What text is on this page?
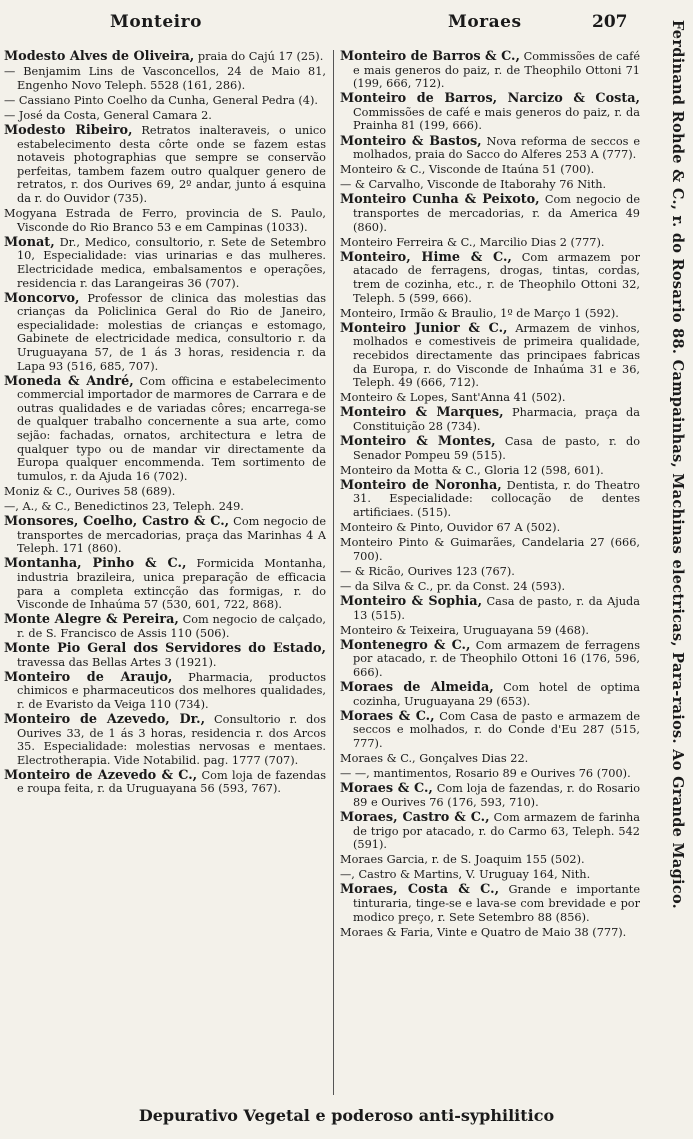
Monteiro	Moraes	207

Modesto Alves de Oliveira, praia do Cajú 17 (25).

— Benjamim Lins de Vasconcellos, 24 de Maio 81, Engenho Novo Teleph. 5528 (161, 286).

— Cassiano Pinto Coelho da Cunha, General Pedra (4).

— José da Costa, General Camara 2.

Modesto Ribeiro, Retratos inalteraveis, o unico estabelecimento desta côrte onde se fazem estas notaveis photographias que sempre se conservão perfeitas, tambem fazem outro qualquer genero de retratos, r. dos Ourives 69, 2º andar, junto á esquina da r. do Ouvidor (735).

Mogyana Estrada de Ferro, provincia de S. Paulo, Visconde do Rio Branco 53 e em Campinas (1033).

Monat, Dr., Medico, consultorio, r. Sete de Setembro 10, Especialidade: vias urinarias e das mulheres. Electricidade medica, embalsamentos e operações, residencia r. das Larangeiras 36 (707).

Moncorvo, Professor de clinica das molestias das crianças da Policlinica Geral do Rio de Janeiro, especialidade: molestias de crianças e estomago, Gabinete de electricidade medica, consultorio r. da Uruguayana 57, de 1 ás 3 horas, residencia r. da Lapa 93 (516, 685, 707).

Moneda & André, Com officina e estabelecimento commercial importador de marmores de Carrara e de outras qualidades e de variadas côres; encarrega-se de qualquer trabalho concernente a sua arte, como sejão: fachadas, ornatos, architectura e letra de qualquer typo ou de mandar vir directamente da Europa qualquer encommenda. Tem sortimento de tumulos, r. da Ajuda 16 (702).

Moniz & C., Ourives 58 (689).

—, A., & C., Benedictinos 23, Teleph. 249.

Monsores, Coelho, Castro & C., Com negocio de transportes de mercadorias, praça das Marinhas 4 A Teleph. 171 (860).

Montanha, Pinho & C., Formicida Montanha, industria brazileira, unica preparação de efficacia para a completa extincção das formigas, r. do Visconde de Inhaúma 57 (530, 601, 722, 868).

Monte Alegre & Pereira, Com negocio de calçado, r. de S. Francisco de Assis 110 (506).

Monte Pio Geral dos Servidores do Estado, travessa das Bellas Artes 3 (1921).

Monteiro de Araujo, Pharmacia, productos chimicos e pharmaceuticos dos melhores qualidades, r. de Evaristo da Veiga 110 (734).

Monteiro de Azevedo, Dr., Consultorio r. dos Ourives 33, de 1 ás 3 horas, residencia r. dos Arcos 35. Especialidade: molestias nervosas e mentaes. Electrotherapia. Vide Notabilid. pag. 1777 (707).

Monteiro de Azevedo & C., Com loja de fazendas e roupa feita, r. da Uruguayana 56 (593, 767).

Monteiro de Barros & C., Commissões de café e mais generos do paiz, r. de Theophilo Ottoni 71 (199, 666, 712).

Monteiro de Barros, Narcizo & Costa, Commissões de café e mais generos do paiz, r. da Prainha 81 (199, 666).

Monteiro & Bastos, Nova reforma de seccos e molhados, praia do Sacco do Alferes 253 A (777).

Monteiro & C., Visconde de Itaúna 51 (700).

— & Carvalho, Visconde de Itaborahy 76 Nith.

Monteiro Cunha & Peixoto, Com negocio de transportes de mercadorias, r. da America 49 (860).

Monteiro Ferreira & C., Marcilio Dias 2 (777).

Monteiro, Hime & C., Com armazem por atacado de ferragens, drogas, tintas, cordas, trem de cozinha, etc., r. de Theophilo Ottoni 32, Teleph. 5 (599, 666).

Monteiro, Irmão & Braulio, 1º de Março 1 (592).

Monteiro Junior & C., Armazem de vinhos, molhados e comestiveis de primeira qualidade, recebidos directamente das principaes fabricas da Europa, r. do Visconde de Inhaúma 31 e 36, Teleph. 49 (666, 712).

Monteiro & Lopes, Sant'Anna 41 (502).

Monteiro & Marques, Pharmacia, praça da Constituição 28 (734).

Monteiro & Montes, Casa de pasto, r. do Senador Pompeu 59 (515).

Monteiro da Motta & C., Gloria 12 (598, 601).

Monteiro de Noronha, Dentista, r. do Theatro 31. Especialidade: collocação de dentes artificiaes. (515).

Monteiro & Pinto, Ouvidor 67 A (502).

Monteiro Pinto & Guimarães, Candelaria 27 (666, 700).

— & Ricão, Ourives 123 (767).

— da Silva & C., pr. da Const. 24 (593).

Monteiro & Sophia, Casa de pasto, r. da Ajuda 13 (515).

Monteiro & Teixeira, Uruguayana 59 (468).

Montenegro & C., Com armazem de ferragens por atacado, r. de Theophilo Ottoni 16 (176, 596, 666).

Moraes de Almeida, Com hotel de optima cozinha, Uruguayana 29 (653).

Moraes & C., Com Casa de pasto e armazem de seccos e molhados, r. do Conde d'Eu 287 (515, 777).

Moraes & C., Gonçalves Dias 22.

— —, mantimentos, Rosario 89 e Ourives 76 (700).

Moraes & C., Com loja de fazendas, r. do Rosario 89 e Ourives 76 (176, 593, 710).

Moraes, Castro & C., Com armazem de farinha de trigo por atacado, r. do Carmo 63, Teleph. 542 (591).

Moraes Garcia, r. de S. Joaquim 155 (502).

—, Castro & Martins, V. Uruguay 164, Nith.

Moraes, Costa & C., Grande e importante tinturaria, tinge-se e lava-se com brevidade e por modico preço, r. Sete Setembro 88 (856).

Moraes & Faria, Vinte e Quatro de Maio 38 (777).

Ferdinand Rohde & C., r. do Rosario 88. Campainhas, Machinas electricas, Para-raios. Ao Grande Magico.
Depurativo Vegetal e poderoso anti-syphilitico
